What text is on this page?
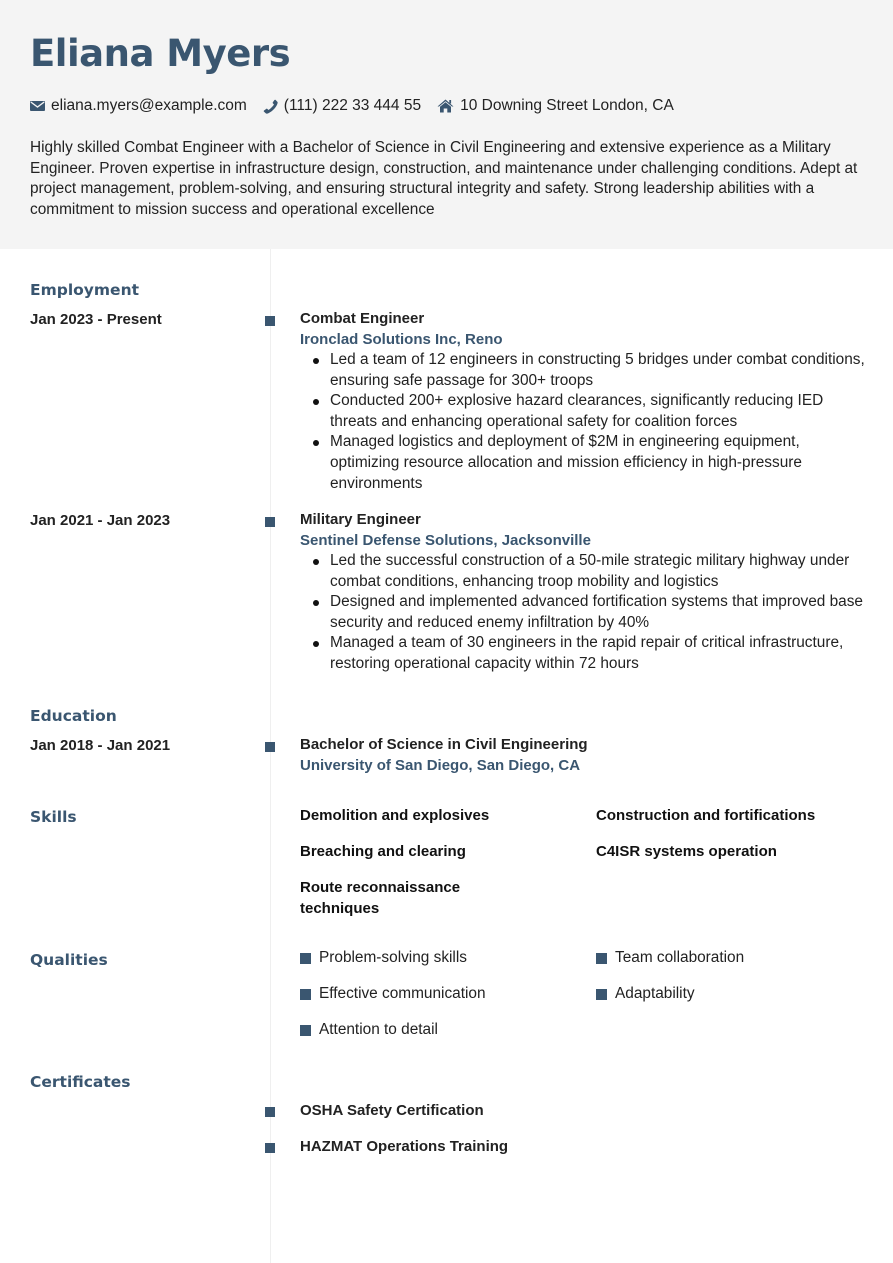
Eliana Myers
eliana.myers@example.com (111) 222 33 444 55	10 Downing Street London, CA

Highly skilled Combat Engineer with a Bachelor of Science in Civil Engineering and extensive experience as a Military Engineer. Proven expertise in infrastructure design, construction, and maintenance under challenging conditions. Adept at project management, problem-solving, and ensuring structural integrity and safety. Strong leadership abilities with a commitment to mission success and operational excellence

Employment
Jan 2023 - Present	Combat Engineer
Ironclad Solutions Inc, Reno
Led a team of 12 engineers in constructing 5 bridges under combat conditions, ensuring safe passage for 300+ troops
Conducted 200+ explosive hazard clearances, significantly reducing IED threats and enhancing operational safety for coalition forces
Managed logistics and deployment of $2M in engineering equipment, optimizing resource allocation and mission efficiency in high-pressure environments
Jan 2021 - Jan 2023	Military Engineer
Sentinel Defense Solutions, Jacksonville
Led the successful construction of a 50-mile strategic military highway under combat conditions, enhancing troop mobility and logistics
Designed and implemented advanced fortification systems that improved base security and reduced enemy infiltration by 40%
Managed a team of 30 engineers in the rapid repair of critical infrastructure, restoring operational capacity within 72 hours
Education
Jan 2018 - Jan 2021	Bachelor of Science in Civil Engineering
University of San Diego, San Diego, CA
Skills	Demolition and explosives	Construction and fortifications
Breaching and clearing	C4ISR systems operation
Route reconnaissance techniques
Qualities	Problem-solving skills	Team collaboration
Effective communication	Adaptability
Attention to detail
Certificates
OSHA Safety Certification
HAZMAT Operations Training
